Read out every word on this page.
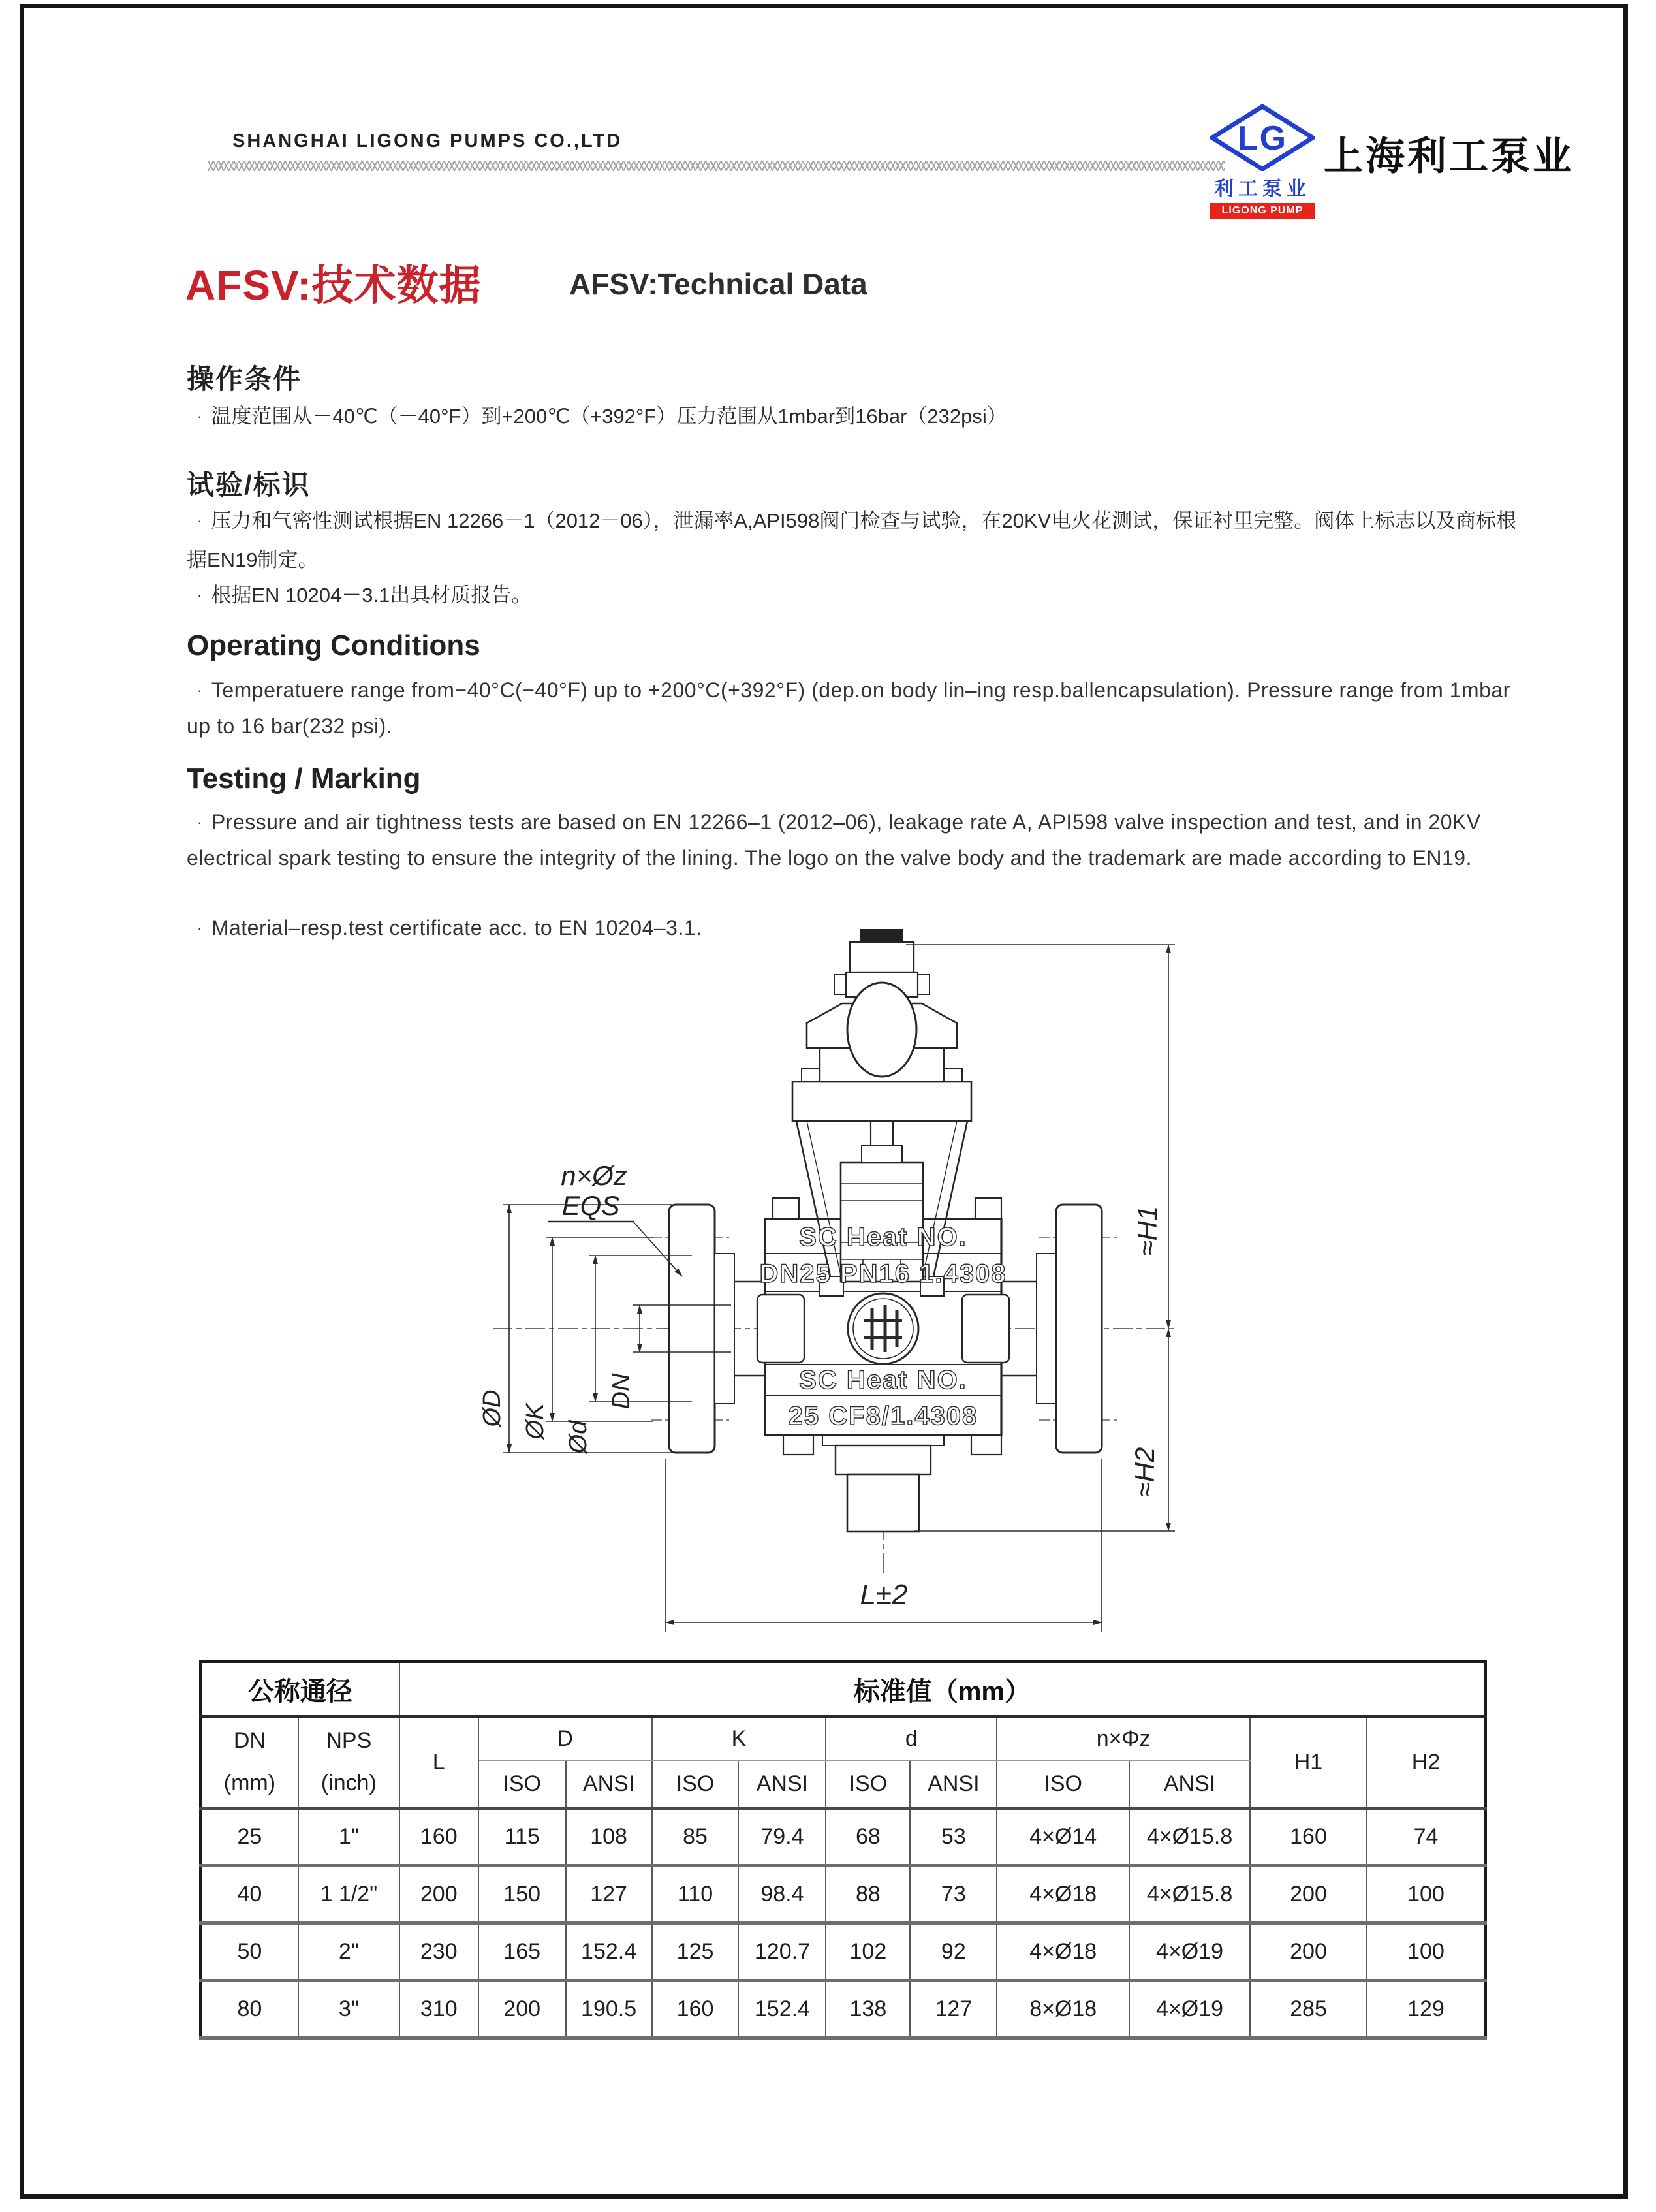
SHANGHAI LIGONG PUMPS CO.,LTD	LG
利工泵业
LIGONG PUMP
上海利工泵业
AFSV:技术数据	AFSV:Technical Data
操作条件
· 温度范围从－40℃（－40°F）到+200℃（+392°F）压力范围从1mbar到16bar（232psi）
试验/标识
· 压力和气密性测试根据EN 12266－1（2012－06），泄漏率A,API598阀门检查与试验，在20KV电火花测试，保证衬里完整。阀体上标志以及商标根据EN19制定。
· 根据EN 10204－3.1出具材质报告。
Operating Conditions
· Temperatuere range from−40°C(−40°F) up to +200°C(+392°F) (dep.on body lin–ing resp.ballencapsulation). Pressure range from 1mbar up to 16 bar(232 psi).
Testing / Marking
· Pressure and air tightness tests are based on EN 12266–1 (2012–06), leakage rate A, API598 valve inspection and test, and in 20KV electrical spark testing to ensure the integrity of the lining. The logo on the valve body and the trademark are made according to EN19.
· Material–resp.test certificate acc. to EN 10204–3.1.
SC Heat NO.
DN25 PN16 1.4308
SC Heat NO.
25 CF8/1.4308
n×Øz
EQS
≈H1
≈H2
L±2
ØD ØK Ød
DN
公称通径		标准值（mm）										
DN
(mm)	NPS
(inch)	L	D		K		d		n×Φz		H1	H2
			ISO	ANSI	ISO	ANSI	ISO	ANSI	ISO	ANSI		
25	1"	160	115	108	85	79.4	68	53	4×Ø14	4×Ø15.8	160	74
40	1 1/2"	200	150	127	110	98.4	88	73	4×Ø18	4×Ø15.8	200	100
50	2"	230	165	152.4	125	120.7	102	92	4×Ø18	4×Ø19	200	100
80	3"	310	200	190.5	160	152.4	138	127	8×Ø18	4×Ø19	285	129
